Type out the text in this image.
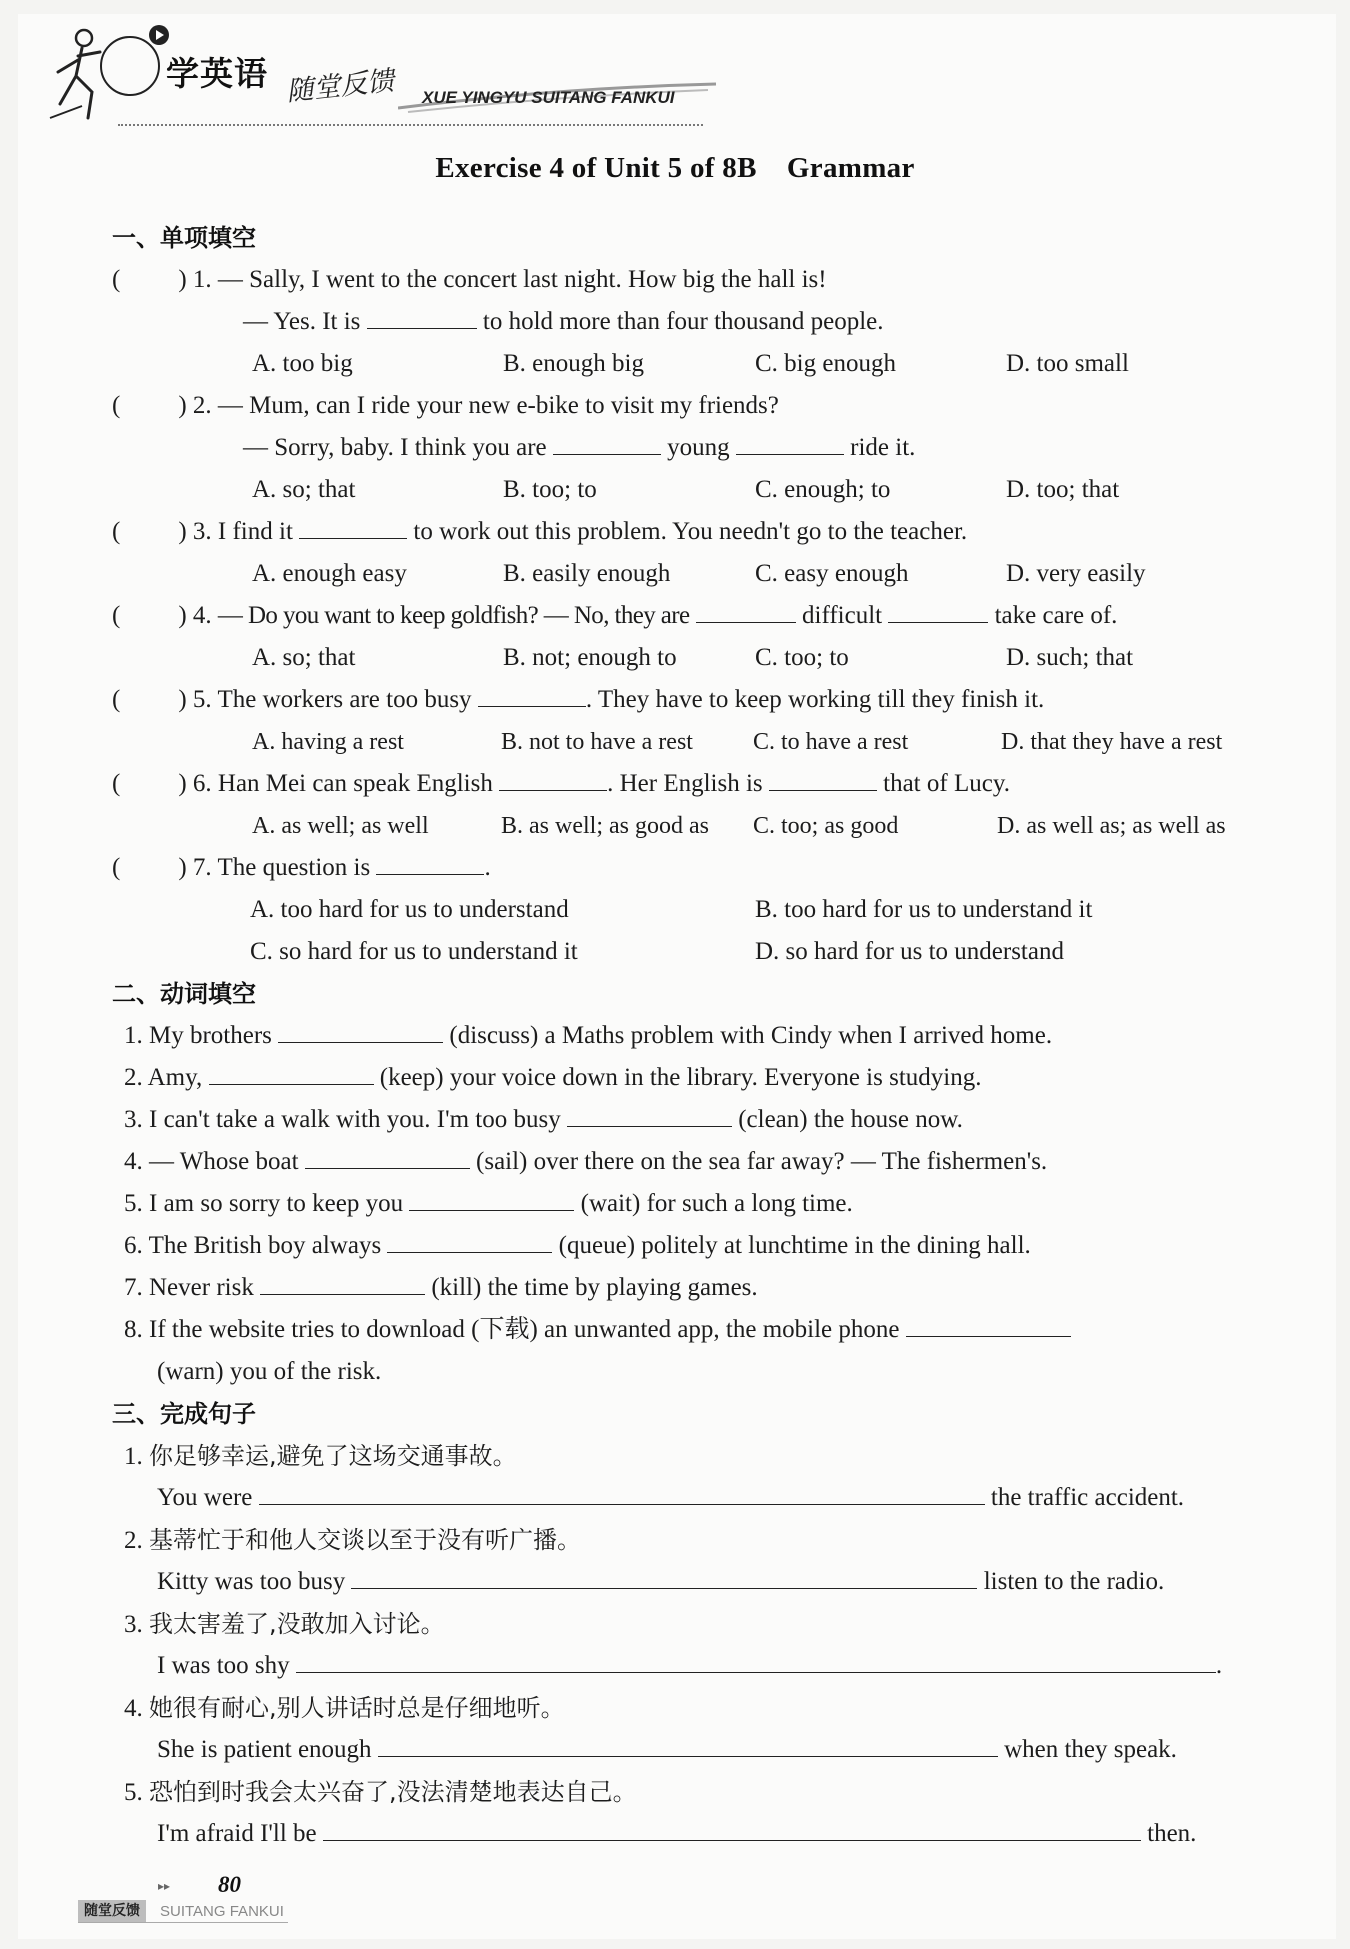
学英语 随堂反馈 XUE YINGYU SUITANG FANKUI
Exercise 4 of Unit 5 of 8B    Grammar
一、单项填空
( ) 1. — Sally, I went to the concert last night. How big the hall is!
— Yes. It is	to hold more than four thousand people.
A. too big	B. enough big	C. big enough	D. too small
( ) 2. — Mum, can I ride your new e-bike to visit my friends?
— Sorry, baby. I think you are	young	ride it.
A. so; that	B. too; to	C. enough; to	D. too; that
( ) 3. I find it	to work out this problem. You needn't go to the teacher.
A. enough easy	B. easily enough	C. easy enough	D. very easily
( ) 4. — Do you want to keep goldfish? — No, they are	difficult	take care of.
A. so; that	B. not; enough to	C. too; to	D. such; that
( ) 5. The workers are too busy	. They have to keep working till they finish it.
A. having a rest	B. not to have a rest	C. to have a rest	D. that they have a rest
( ) 6. Han Mei can speak English	. Her English is	that of Lucy.
A. as well; as well	B. as well; as good as C. too; as good	D. as well as; as well as
( ) 7. The question is	.
A. too hard for us to understand	B. too hard for us to understand it
C. so hard for us to understand it	D. so hard for us to understand
二、动词填空
1. My brothers	(discuss) a Maths problem with Cindy when I arrived home.
2. Amy,	(keep) your voice down in the library. Everyone is studying.
3. I can't take a walk with you. I'm too busy	(clean) the house now.
4. — Whose boat	(sail) over there on the sea far away? — The fishermen's.
5. I am so sorry to keep you	(wait) for such a long time.
6. The British boy always	(queue) politely at lunchtime in the dining hall.
7. Never risk	(kill) the time by playing games.
8. If the website tries to download (下载) an unwanted app, the mobile phone
(warn) you of the risk.
三、完成句子
1. 你足够幸运,避免了这场交通事故。
You were	the traffic accident.
2. 基蒂忙于和他人交谈以至于没有听广播。
Kitty was too busy	listen to the radio.
3. 我太害羞了,没敢加入讨论。
I was too shy	.
4. 她很有耐心,别人讲话时总是仔细地听。
She is patient enough	when they speak.
5. 恐怕到时我会太兴奋了,没法清楚地表达自己。
I'm afraid I'll be	then.
▸▸ 80
随堂反馈	SUITANG FANKUI
